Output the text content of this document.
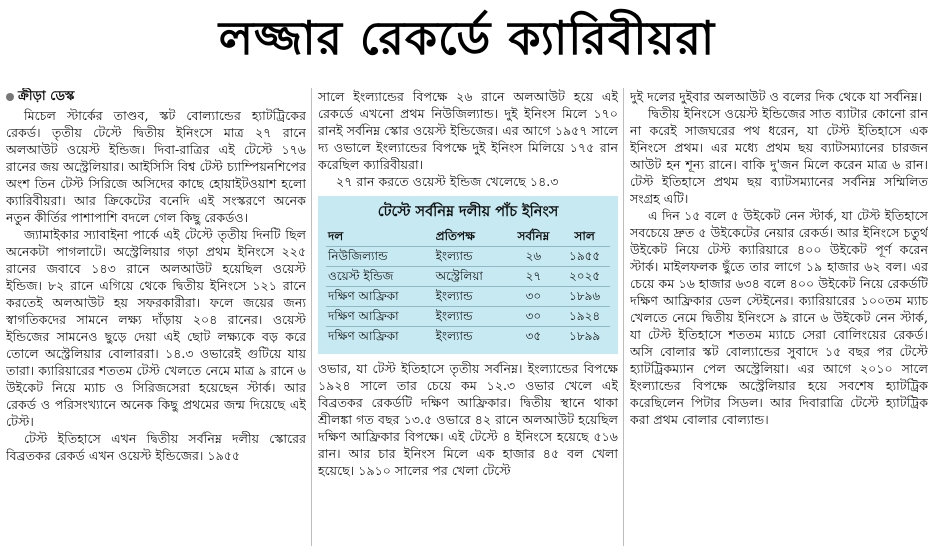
লজ্জার রেকর্ডে ক্যারিবীয়রা
ক্রীড়া ডেস্ক

মিচেল স্টার্কের তাণ্ডব, স্কট বোল্যান্ডের হ্যাটট্রিকের রেকর্ড। তৃতীয় টেস্টে দ্বিতীয় ইনিংসে মাত্র ২৭ রানে অলআউট ওয়েস্ট ইন্ডিজ। দিবা-রাত্রির এই টেস্টে ১৭৬ রানের জয় অস্ট্রেলিয়ার। আইসিসি বিশ্ব টেস্ট চ্যাম্পিয়নশিপের অংশ তিন টেস্ট সিরিজে অসিদের কাছে হোয়াইটওয়াশ হলো ক্যারিবীয়রা। আর ক্রিকেটের বনেদি এই সংস্করণে অনেক নতুন কীর্তির পাশাপাশি বদলে গেল কিছু রেকর্ডও।

জ্যামাইকার স্যাবাইনা পার্কে এই টেস্টে তৃতীয় দিনটি ছিল অনেকটা পাগলাটে। অস্ট্রেলিয়ার গড়া প্রথম ইনিংসে ২২৫ রানের জবাবে ১৪৩ রানে অলআউট হয়েছিল ওয়েস্ট ইন্ডিজ। ৮২ রানে এগিয়ে থেকে দ্বিতীয় ইনিংসে ১২১ রানে করতেই অলআউট হয় সফরকারীরা। ফলে জয়ের জন্য স্বাগতিকদের সামনে লক্ষ্য দাঁড়ায় ২০৪ রানের। ওয়েস্ট ইন্ডিজের সামনেও ছুড়ে দেয়া এই ছোট লক্ষ্যকে বড় করে তোলে অস্ট্রেলিয়ার বোলাররা। ১৪.৩ ওভারেই গুটিয়ে যায় তারা। ক্যারিয়ারের শততম টেস্ট খেলতে নেমে মাত্র ৯ রানে ৬ উইকেট নিয়ে ম্যাচ ও সিরিজসেরা হয়েছেন স্টার্ক। আর রেকর্ড ও পরিসংখ্যানে অনেক কিছু প্রথমের জন্ম দিয়েছে এই টেস্ট।

টেস্ট ইতিহাসে এখন দ্বিতীয় সর্বনিম্ন দলীয় স্কোরের বিব্রতকর রেকর্ড এখন ওয়েস্ট ইন্ডিজের। ১৯৫৫

সালে ইংল্যান্ডের বিপক্ষে ২৬ রানে অলআউট হয়ে এই রেকর্ডে এখনো প্রথম নিউজিল্যান্ড। দুই ইনিংস মিলে ১৭০ রানই সর্বনিম্ন স্কোর ওয়েস্ট ইন্ডিজের। এর আগে ১৯৫৭ সালে দ্য ওভালে ইংল্যান্ডের বিপক্ষে দুই ইনিংস মিলিয়ে ১৭৫ রান করেছিল ক্যারিবীয়রা।

২৭ রান করতে ওয়েস্ট ইন্ডিজ খেলেছে ১৪.৩

টেস্টে সর্বনিম্ন দলীয় পাঁচ ইনিংস
দল	প্রতিপক্ষ	সর্বনিম্ন	সাল
নিউজিল্যান্ড	ইংল্যান্ড	২৬	১৯৫৫
ওয়েস্ট ইন্ডিজ	অস্ট্রেলিয়া	২৭	২০২৫
দক্ষিণ আফ্রিকা	ইংল্যান্ড	৩০	১৮৯৬
দক্ষিণ আফ্রিকা	ইংল্যান্ড	৩০	১৯২৪
দক্ষিণ আফ্রিকা	ইংল্যান্ড	৩৫	১৮৯৯

ওভার, যা টেস্ট ইতিহাসে তৃতীয় সর্বনিম্ন। ইংল্যান্ডের বিপক্ষে ১৯২৪ সালে তার চেয়ে কম ১২.৩ ওভার খেলে এই বিব্রতকর রেকর্ডটি দক্ষিণ আফ্রিকার। দ্বিতীয় স্থানে থাকা শ্রীলঙ্কা গত বছর ১৩.৫ ওভারে ৪২ রানে অলআউট হয়েছিল দক্ষিণ আফ্রিকার বিপক্ষে। এই টেস্টে ৪ ইনিংসে হয়েছে ৫১৬ রান। আর চার ইনিংস মিলে এক হাজার ৪৫ বল খেলা হয়েছে। ১৯১০ সালের পর খেলা টেস্টে

দুই দলের দুইবার অলআউট ও বলের দিক থেকে যা সর্বনিম্ন।

দ্বিতীয় ইনিংসে ওয়েস্ট ইন্ডিজের সাত ব্যাটার কোনো রান না করেই সাজঘরের পথ ধরেন, যা টেস্ট ইতিহাসে এক ইনিংসে প্রথম। এর মধ্যে প্রথম ছয় ব্যাটসম্যানের চারজন আউট হন শূন্য রানে। বাকি দু'জন মিলে করেন মাত্র ৬ রান। টেস্ট ইতিহাসে প্রথম ছয় ব্যাটসম্যানের সর্বনিম্ন সম্মিলিত সংগ্রহ এটি।

এ দিন ১৫ বলে ৫ উইকেট নেন স্টার্ক, যা টেস্ট ইতিহাসে সবচেয়ে দ্রুত ৫ উইকেটের নেয়ার রেকর্ড। আর ইনিংসে চতুর্থ উইকেট নিয়ে টেস্ট ক্যারিয়ারে ৪০০ উইকেট পূর্ণ করেন স্টার্ক। মাইলফলক ছুঁতে তার লাগে ১৯ হাজার ৬২ বল। এর চেয়ে কম ১৬ হাজার ৬৩৪ বলে ৪০০ উইকেট নিয়ে রেকর্ডটি দক্ষিণ আফ্রিকার ডেল স্টেইনের। ক্যারিয়ারের ১০০তম ম্যাচ খেলতে নেমে দ্বিতীয় ইনিংসে ৯ রানে ৬ উইকেট নেন স্টার্ক, যা টেস্ট ইতিহাসে শততম ম্যাচে সেরা বোলিংয়ের রেকর্ড। অসি বোলার স্কট বোল্যান্ডের সুবাদে ১৫ বছর পর টেস্টে হ্যাটট্রিকম্যান পেল অস্ট্রেলিয়া। এর আগে ২০১০ সালে ইংল্যান্ডের বিপক্ষে অস্ট্রেলিয়ার হয়ে সবশেষ হ্যাটট্রিক করেছিলেন পিটার সিডল। আর দিবারাত্রি টেস্টে হ্যাটট্রিক করা প্রথম বোলার বোল্যান্ড।
